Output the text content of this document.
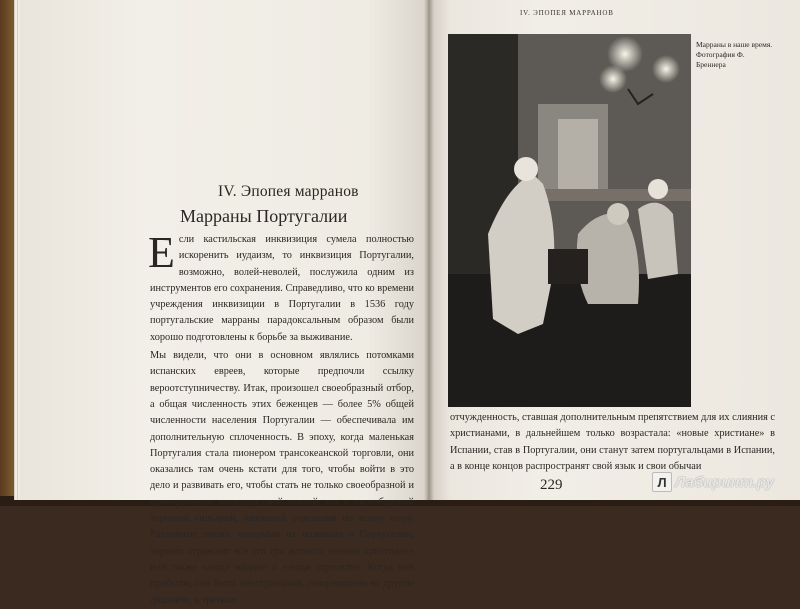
IV. Эпопея марранов
Марраны Португалии

Если кастильская инквизиция сумела полностью искоренить иудаизм, то инквизиция Португалии, возможно, волей-неволей, послужила одним из инструментов его сохранения. Справедливо, что ко времени учреждения инквизиции в Португалии в 1536 году португальские марраны парадоксальным образом были хорошо подготовлены к борьбе за выживание.

Мы видели, что они в основном являлись потомками испанских евреев, которые предпочли ссылку вероотступничеству. Итак, произошел своеобразный отбор, а общая численность этих беженцев — более 5% общей численности населения Португалии — обеспечивала им дополнительную сплоченность. В эпоху, когда маленькая Португалия стала пионером трансокеанской торговли, они оказались там очень кстати для того, чтобы войти в это дело и развивать его, чтобы стать не только своеобразной и одновременно псевдорасовой сектой, но и своеобразной торговой гильдией, имеющей отделения по всему миру. Различные имена, которыми их называли в Португалии, хорошо отражают все эти три аспекта: «новые христиане» или также «люди нации» и «люди торговли». Когда они прибыли, они были иностранцами, говорившими на другом диалекте, в третьих

IV. ЭПОПЕЯ МАРРАНОВ
Марраны в наше время. Фотография Ф. Бреннера
отчужденность, ставшая дополнительным препятствием для их слияния с христианами, в дальнейшем только возрастала: «новые христиане» в Испании, став в Португалии, они станут затем португальцами в Испании, а в конце концов распространят свой язык и свои обычаи
229	Л Лабиринт.ру
